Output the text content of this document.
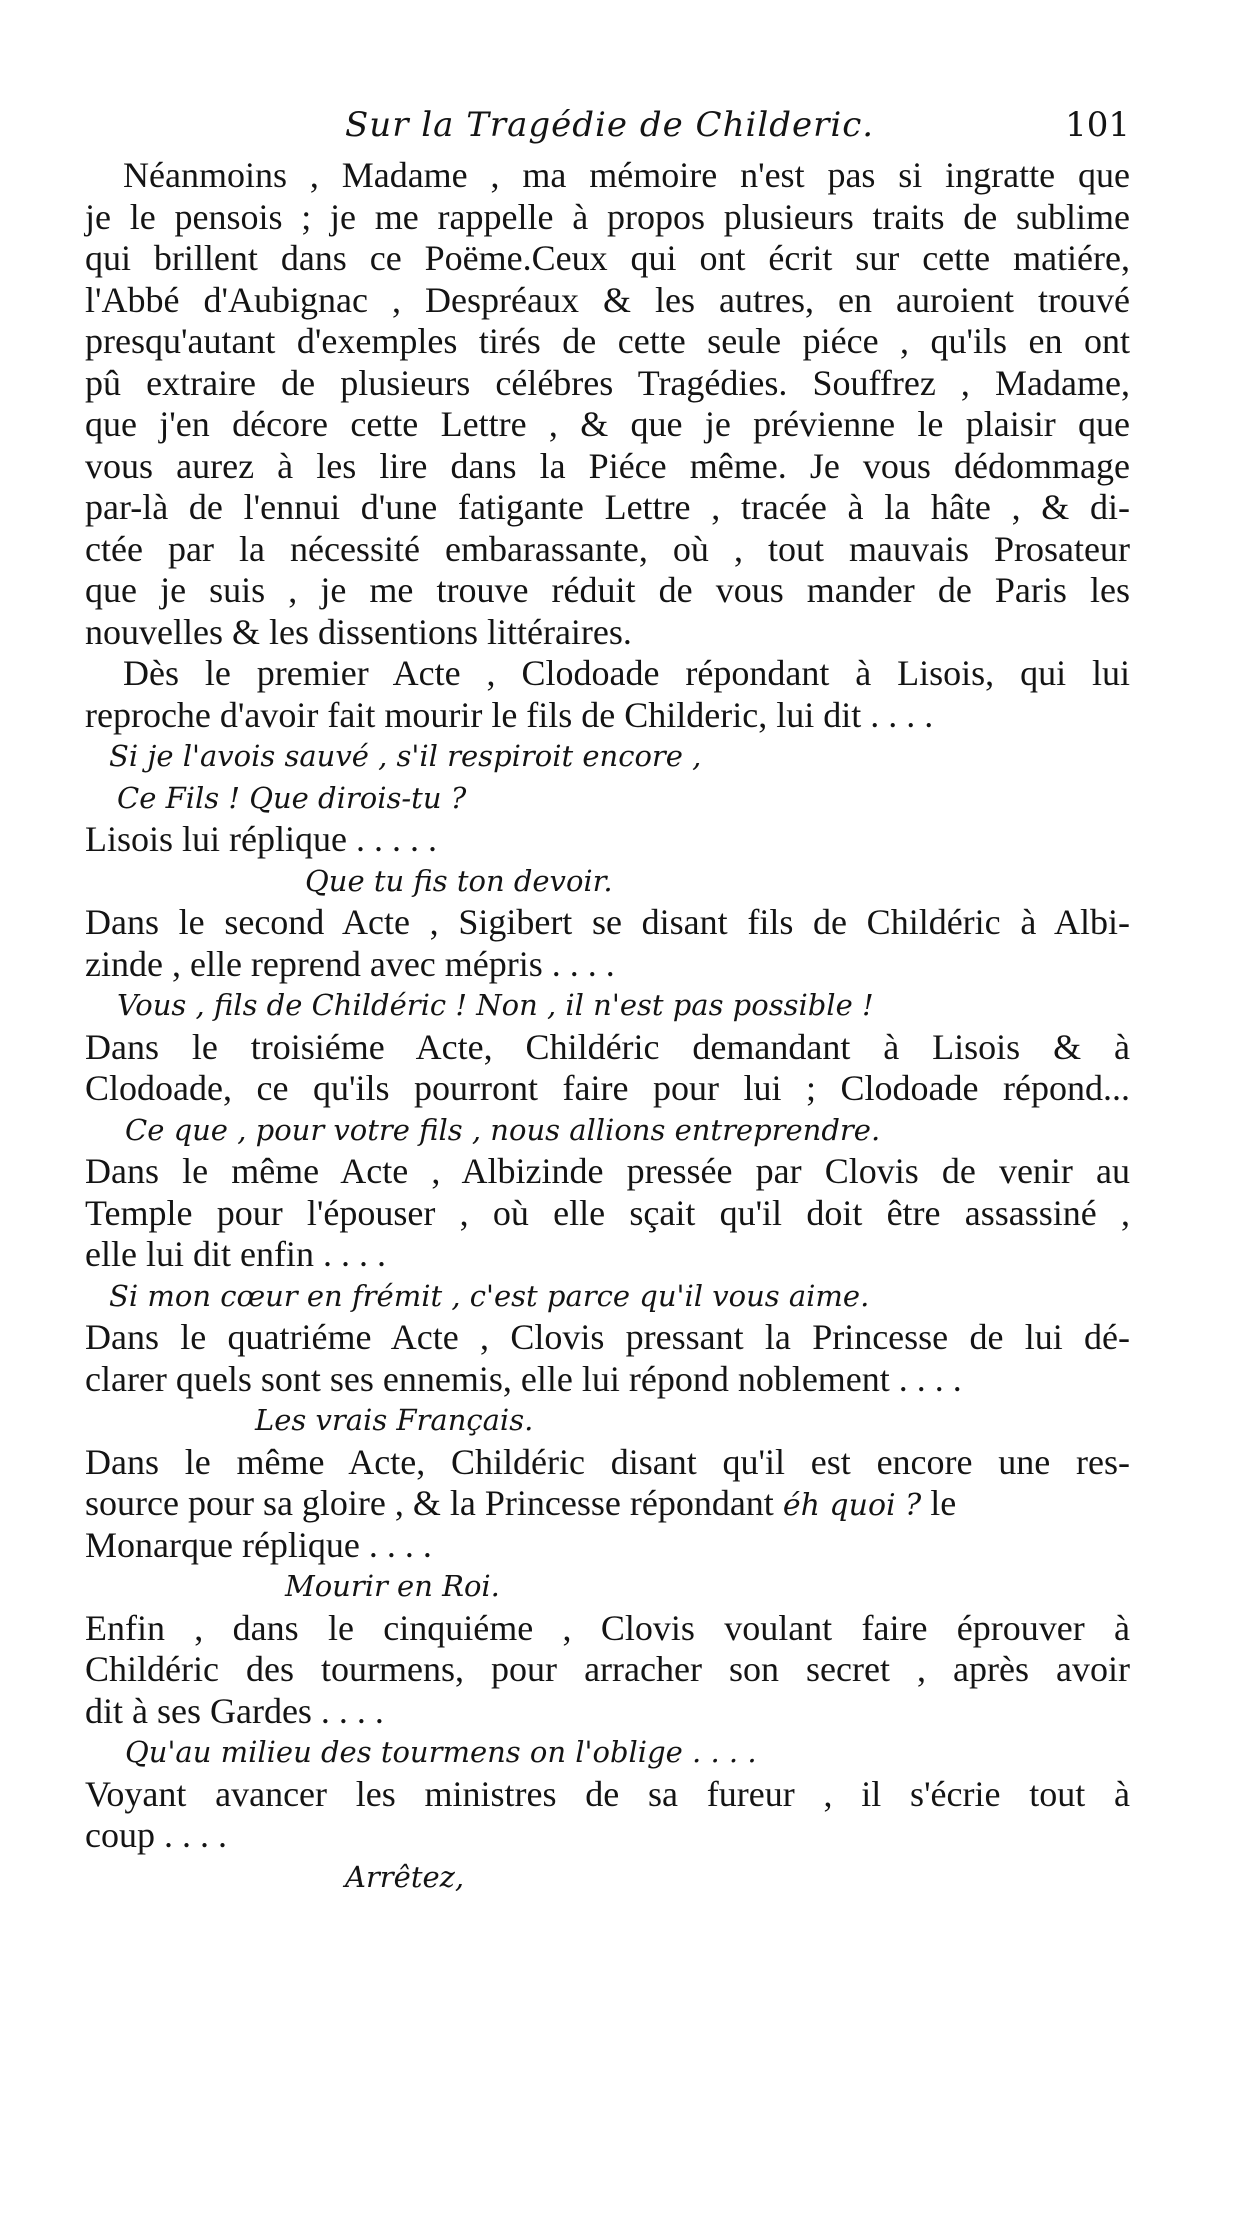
Sur la Tragédie de Childeric.	101
Néanmoins , Madame , ma mémoire n'est pas si ingratte que
je le pensois ; je me rappelle à propos plusieurs traits de sublime
qui brillent dans ce Poëme.Ceux qui ont écrit sur cette matiére,
l'Abbé d'Aubignac , Despréaux & les autres, en auroient trouvé
presqu'autant d'exemples tirés de cette seule piéce , qu'ils en ont
pû extraire de plusieurs célébres Tragédies. Souffrez , Madame,
que j'en décore cette Lettre , & que je prévienne le plaisir que
vous aurez à les lire dans la Piéce même. Je vous dédommage
par-là de l'ennui d'une fatigante Lettre , tracée à la hâte , & di-
ctée par la nécessité embarassante, où , tout mauvais Prosateur
que je suis , je me trouve réduit de vous mander de Paris les
nouvelles & les dissentions littéraires.
Dès le premier Acte , Clodoade répondant à Lisois, qui lui
reproche d'avoir fait mourir le fils de Childeric, lui dit . . . .
Si je l'avois sauvé , s'il respiroit encore ,
Ce Fils ! Que dirois-tu ?
Lisois lui réplique . . . . .
Que tu fis ton devoir.
Dans le second Acte , Sigibert se disant fils de Childéric à Albi-
zinde , elle reprend avec mépris . . . .
Vous , fils de Childéric ! Non , il n'est pas possible !
Dans le troisiéme Acte, Childéric demandant à Lisois & à
Clodoade, ce qu'ils pourront faire pour lui ; Clodoade répond...
Ce que , pour votre fils , nous allions entreprendre.
Dans le même Acte , Albizinde pressée par Clovis de venir au
Temple pour l'épouser , où elle sçait qu'il doit être assassiné ,
elle lui dit enfin . . . .
Si mon cœur en frémit , c'est parce qu'il vous aime.
Dans le quatriéme Acte , Clovis pressant la Princesse de lui dé-
clarer quels sont ses ennemis, elle lui répond noblement . . . .
Les vrais Français.
Dans le même Acte, Childéric disant qu'il est encore une res-
source pour sa gloire , & la Princesse répondant éh quoi ? le
Monarque réplique . . . .
Mourir en Roi.
Enfin , dans le cinquiéme , Clovis voulant faire éprouver à
Childéric des tourmens, pour arracher son secret , après avoir
dit à ses Gardes . . . .
Qu'au milieu des tourmens on l'oblige . . . .
Voyant avancer les ministres de sa fureur , il s'écrie tout à
coup . . . .
Arrêtez,
